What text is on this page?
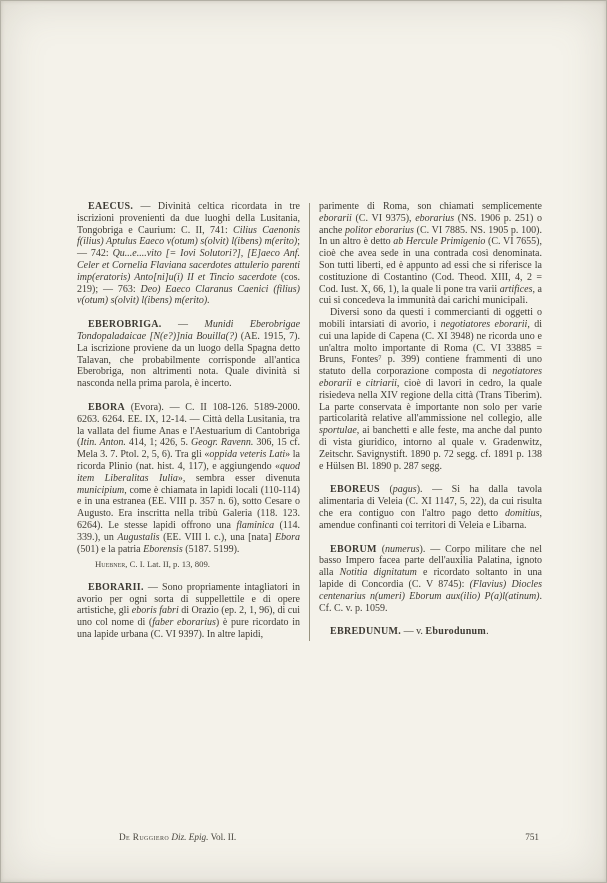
EAECUS. — Divinità celtica ricordata in tre iscrizioni provenienti da due luoghi della Lusitania, Tongobriga e Caurium: C. II, 741: Cilius Caenonis f(ilius) Aptulus Eaeco v(otum) s(olvit) l(ibens) m(erito); — 742: Qu...e....vito [= Iovi Solutori?], [E]aeco Anf. Celer et Cornelia Flaviana sacerdotes attulerio parenti imp(eratoris) Anto[ni]u(i) II et Tincio sacerdote (cos. 219); — 763: Deo) Eaeco Claranus Caenici (filius) v(otum) s(olvit) l(ibens) m(erito).

EBEROBRIGA. — Munidi Eberobrigae Tondopaladaicae [N(e?)]nia Bouilla(?) (AE. 1915, 7). La iscrizione proviene da un luogo della Spagna detto Talavan, che probabilmente corrisponde all'antica Eberobriga, non altrimenti nota. Quale divinità si nasconda nella prima parola, è incerto.

EBORA (Evora). — C. II 108-126. 5189-2000. 6263. 6264. EE. IX, 12-14. — Città della Lusitania, tra la vallata del fiume Anas e l'Aestuarium di Cantobriga (Itin. Anton. 414, 1; 426, 5. Geogr. Ravenn. 306, 15 cf. Mela 3. 7. Ptol. 2, 5, 6). Tra gli «oppida veteris Lati» la ricorda Plinio (nat. hist. 4, 117), e aggiungendo «quod item Liberalitas Iulia», sembra esser divenuta municipium, come è chiamata in lapidi locali (110-114) e in una estranea (EE. VIII p. 357 n. 6), sotto Cesare o Augusto. Era inscritta nella tribù Galeria (118. 123. 6264). Le stesse lapidi offrono una flaminica (114. 339.), un Augustalis (EE. VIII l. c.), una [nata] Ebora (501) e la patria Eborensis (5187. 5199).

Huebner, C. I. Lat. II, p. 13, 809.

EBORARII. — Sono propriamente intagliatori in avorio per ogni sorta di suppellettile e di opere artistiche, gli eboris fabri di Orazio (ep. 2, 1, 96), di cui uno col nome di (faber eborarius) è pure ricordato in una lapide urbana (C. VI 9397). In altre lapidi,

parimente di Roma, son chiamati semplicemente eborarii (C. VI 9375), eborarius (NS. 1906 p. 251) o anche politor eborarius (C. VI 7885. NS. 1905 p. 100). In un altro è detto ab Hercule Primigenio (C. VI 7655), cioè che avea sede in una contrada così denominata. Son tutti liberti, ed è appunto ad essi che si riferisce la costituzione di Costantino (Cod. Theod. XIII, 4, 2 = Cod. Iust. X, 66, 1), la quale li pone tra varii artifices, a cui si concedeva la immunità dai carichi municipali.

Diversi sono da questi i commercianti di oggetti o mobili intarsiati di avorio, i negotiatores eborarii, di cui una lapide di Capena (C. XI 3948) ne ricorda uno e un'altra molto importante di Roma (C. VI 33885 = Bruns, Fontes⁷ p. 399) contiene frammenti di uno statuto della corporazione composta di negotiatores eborarii e citriarii, cioè di lavori in cedro, la quale risiedeva nella XIV regione della città (Trans Tiberim). La parte conservata è importante non solo per varie particolarità relative all'ammissione nel collegio, alle sportulae, ai banchetti e alle feste, ma anche dal punto di vista giuridico, intorno al quale v. Gradenwitz, Zeitschr. Savignystift. 1890 p. 72 segg. cf. 1891 p. 138 e Hülsen Bl. 1890 p. 287 segg.

EBOREUS (pagus). — Si ha dalla tavola alimentaria di Veleia (C. XI 1147, 5, 22), da cui risulta che era contiguo con l'altro pago detto domitius, amendue confinanti coi territori di Veleia e Libarna.

EBORUM (numerus). — Corpo militare che nel basso Impero facea parte dell'auxilia Palatina, ignoto alla Notitia dignitatum e ricordato soltanto in una lapide di Concordia (C. V 8745): (Flavius) Diocles centenarius n(umeri) Eborum aux(ilio) P(a)l(atinum). Cf. C. v. p. 1059.

EBREDUNUM. — v. Eburodunum.

De Ruggiero Diz. Epig. Vol. II.	751
